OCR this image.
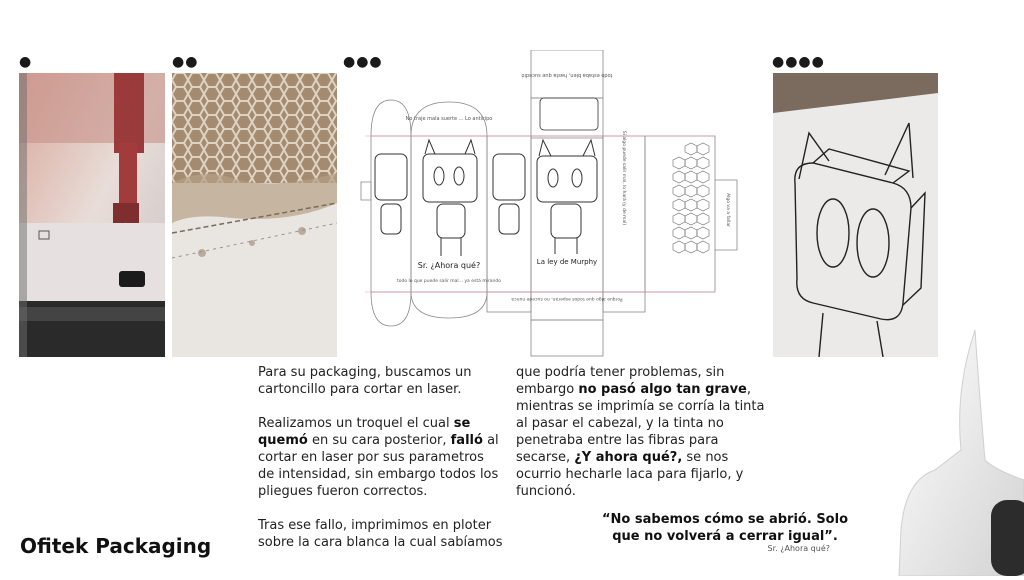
●	●●	●●●	●●●●
todo estaba bien, hasta que sucedió
No traje mala suerte ... Lo anticipo
Sr. ¿Ahora qué?
todo lo que puede salir mal... ya está mirando
La ley de Murphy
Porque algo que todos esperan, no sucede nunca
Si algo puede salir mal, lo hará (y de mal)	Algo va a fallar

Para su packaging, buscamos un cartoncillo para cortar en laser.

Realizamos un troquel el cual se quemó en su cara posterior, falló al cortar en laser por sus parametros de intensidad, sin embargo todos los pliegues fueron correctos.

Tras ese fallo, imprimimos en ploter sobre la cara blanca la cual sabíamos

que podría tener problemas, sin embargo no pasó algo tan grave, mientras se imprimía se corría la tinta al pasar el cabezal, y la tinta no penetraba entre las fibras para secarse, ¿Y ahora qué?, se nos ocurrio hecharle laca para fijarlo, y funcionó.

“No sabemos cómo se abrió. Solo que no volverá a cerrar igual”.
Sr. ¿Ahora qué?
Ofitek Packaging
